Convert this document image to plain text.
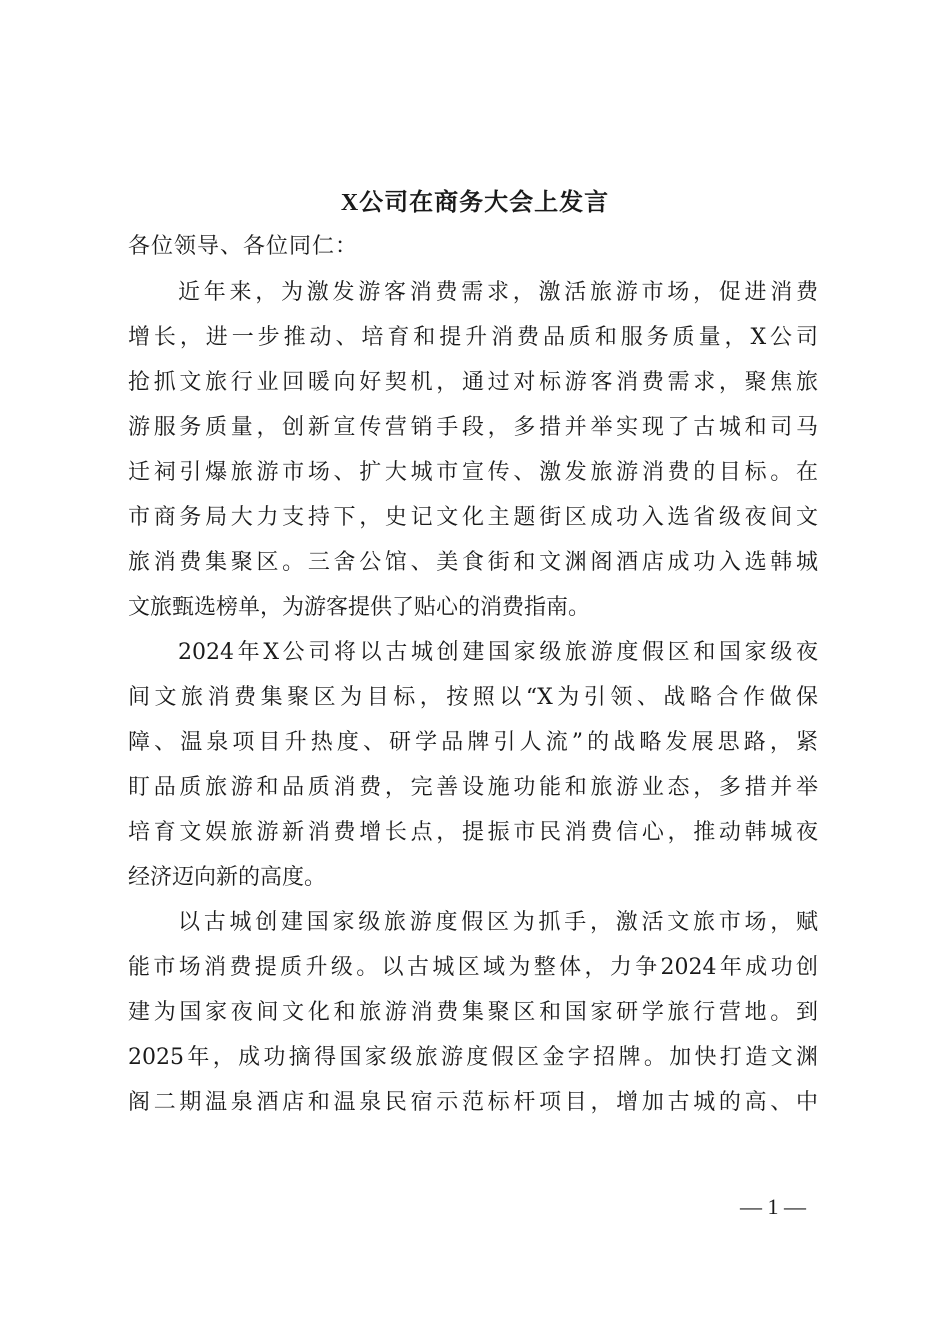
X公司在商务大会上发言
各位领导、各位同仁：
近年来，为激发游客消费需求，激活旅游市场，促进消费
增长，进一步推动、培育和提升消费品质和服务质量，X公司
抢抓文旅行业回暖向好契机，通过对标游客消费需求，聚焦旅
游服务质量，创新宣传营销手段，多措并举实现了古城和司马
迁祠引爆旅游市场、扩大城市宣传、激发旅游消费的目标。在
市商务局大力支持下，史记文化主题街区成功入选省级夜间文
旅消费集聚区。三舍公馆、美食街和文渊阁酒店成功入选韩城
文旅甄选榜单，为游客提供了贴心的消费指南。
2024年X公司将以古城创建国家级旅游度假区和国家级夜
间文旅消费集聚区为目标，按照以“X为引领、战略合作做保
障、温泉项目升热度、研学品牌引人流”的战略发展思路，紧
盯品质旅游和品质消费，完善设施功能和旅游业态，多措并举
培育文娱旅游新消费增长点，提振市民消费信心，推动韩城夜
经济迈向新的高度。
以古城创建国家级旅游度假区为抓手，激活文旅市场，赋
能市场消费提质升级。以古城区域为整体，力争2024年成功创
建为国家夜间文化和旅游消费集聚区和国家研学旅行营地。到
2025年，成功摘得国家级旅游度假区金字招牌。加快打造文渊
阁二期温泉酒店和温泉民宿示范标杆项目，增加古城的高、中
— 1 —
